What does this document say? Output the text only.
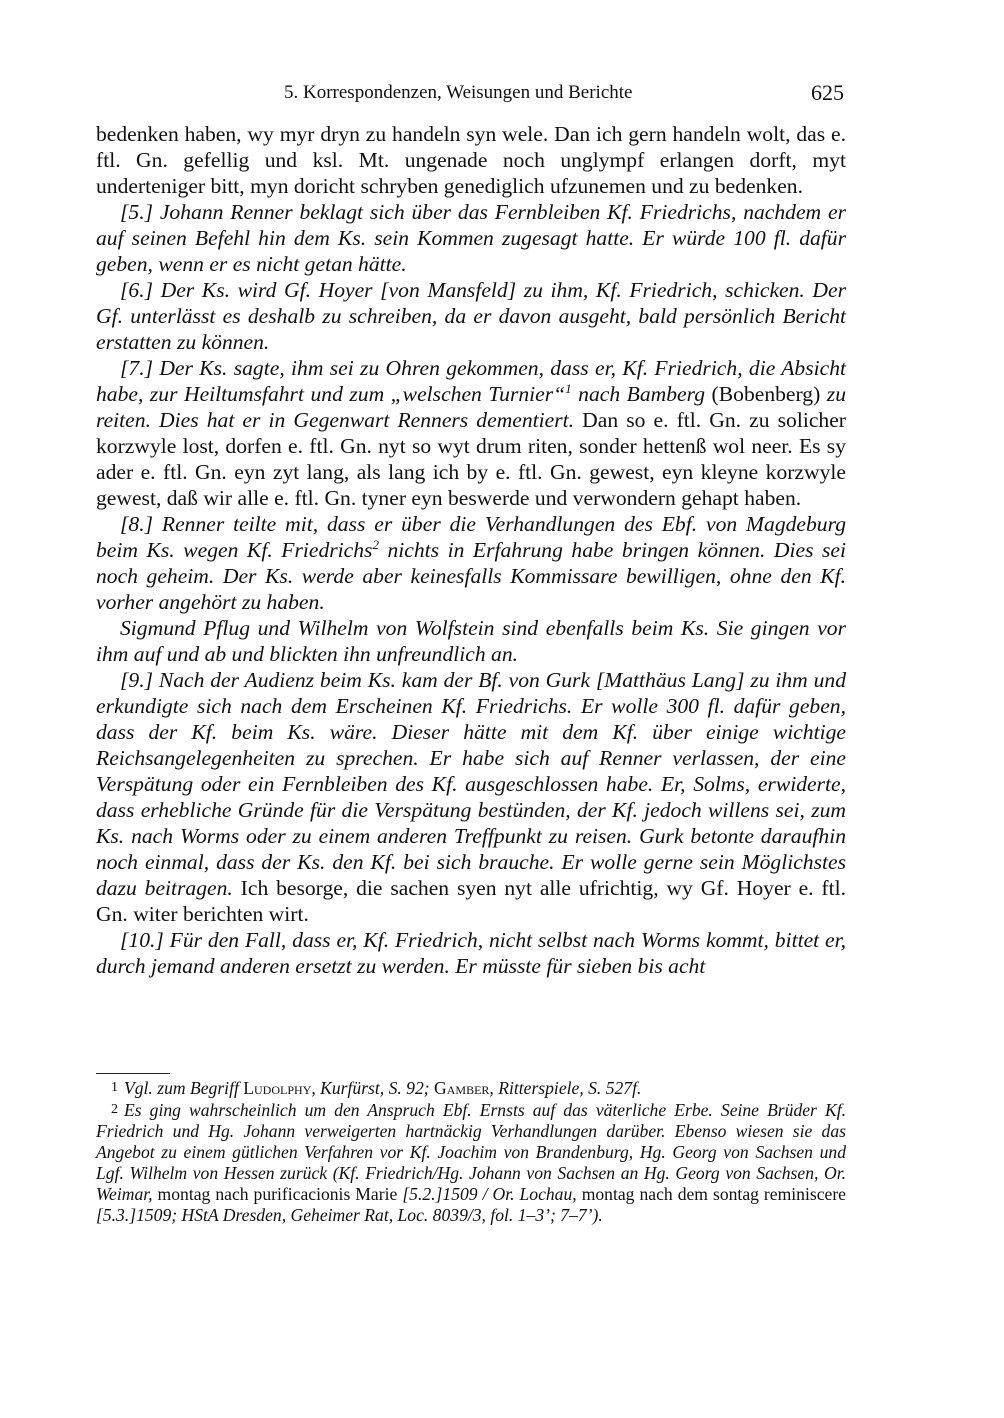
5. Korrespondenzen, Weisungen und Berichte	625

bedenken haben, wy myr dryn zu handeln syn wele. Dan ich gern handeln wolt, das e. ftl. Gn. gefellig und ksl. Mt. ungenade noch unglympf erlangen dorft, myt underteniger bitt, myn doricht schryben genediglich ufzunemen und zu bedenken.

[5.] Johann Renner beklagt sich über das Fernbleiben Kf. Friedrichs, nachdem er auf seinen Befehl hin dem Ks. sein Kommen zugesagt hatte. Er würde 100 fl. dafür geben, wenn er es nicht getan hätte.

[6.] Der Ks. wird Gf. Hoyer [von Mansfeld] zu ihm, Kf. Friedrich, schicken. Der Gf. unterlässt es deshalb zu schreiben, da er davon ausgeht, bald persönlich Bericht erstatten zu können.

[7.] Der Ks. sagte, ihm sei zu Ohren gekommen, dass er, Kf. Friedrich, die Absicht habe, zur Heiltumsfahrt und zum „welschen Turnier“$^1$ nach Bamberg (Bobenberg) zu reiten. Dies hat er in Gegenwart Renners dementiert. Dan so e. ftl. Gn. zu solicher korzwyle lost, dorfen e. ftl. Gn. nyt so wyt drum riten, sonder hettenß wol neer. Es sy ader e. ftl. Gn. eyn zyt lang, als lang ich by e. ftl. Gn. gewest, eyn kleyne korzwyle gewest, daß wir alle e. ftl. Gn. tyner eyn beswerde und verwondern gehapt haben.

[8.] Renner teilte mit, dass er über die Verhandlungen des Ebf. von Magdeburg beim Ks. wegen Kf. Friedrichs$^2$ nichts in Erfahrung habe bringen können. Dies sei noch geheim. Der Ks. werde aber keinesfalls Kommissare bewilligen, ohne den Kf. vorher angehört zu haben.

Sigmund Pflug und Wilhelm von Wolfstein sind ebenfalls beim Ks. Sie gingen vor ihm auf und ab und blickten ihn unfreundlich an.

[9.] Nach der Audienz beim Ks. kam der Bf. von Gurk [Matthäus Lang] zu ihm und erkundigte sich nach dem Erscheinen Kf. Friedrichs. Er wolle 300 fl. dafür geben, dass der Kf. beim Ks. wäre. Dieser hätte mit dem Kf. über einige wichtige Reichsangelegenheiten zu sprechen. Er habe sich auf Renner verlassen, der eine Verspätung oder ein Fernbleiben des Kf. ausgeschlossen habe. Er, Solms, erwiderte, dass erhebliche Gründe für die Verspätung bestünden, der Kf. jedoch willens sei, zum Ks. nach Worms oder zu einem anderen Treffpunkt zu reisen. Gurk betonte daraufhin noch einmal, dass der Ks. den Kf. bei sich brauche. Er wolle gerne sein Möglichstes dazu beitragen. Ich besorge, die sachen syen nyt alle ufrichtig, wy Gf. Hoyer e. ftl. Gn. witer berichten wirt.

[10.] Für den Fall, dass er, Kf. Friedrich, nicht selbst nach Worms kommt, bittet er, durch jemand anderen ersetzt zu werden. Er müsste für sieben bis acht

1 Vgl. zum Begriff Ludolphy, Kurfürst, S. 92; Gamber, Ritterspiele, S. 527f.

2 Es ging wahrscheinlich um den Anspruch Ebf. Ernsts auf das väterliche Erbe. Seine Brüder Kf. Friedrich und Hg. Johann verweigerten hartnäckig Verhandlungen darüber. Ebenso wiesen sie das Angebot zu einem gütlichen Verfahren vor Kf. Joachim von Brandenburg, Hg. Georg von Sachsen und Lgf. Wilhelm von Hessen zurück (Kf. Friedrich/Hg. Johann von Sachsen an Hg. Georg von Sachsen, Or. Weimar, montag nach purificacionis Marie [5.2.]1509 / Or. Lochau, montag nach dem sontag reminiscere [5.3.]1509; HStA Dresden, Geheimer Rat, Loc. 8039/3, fol. 1–3’; 7–7’).
